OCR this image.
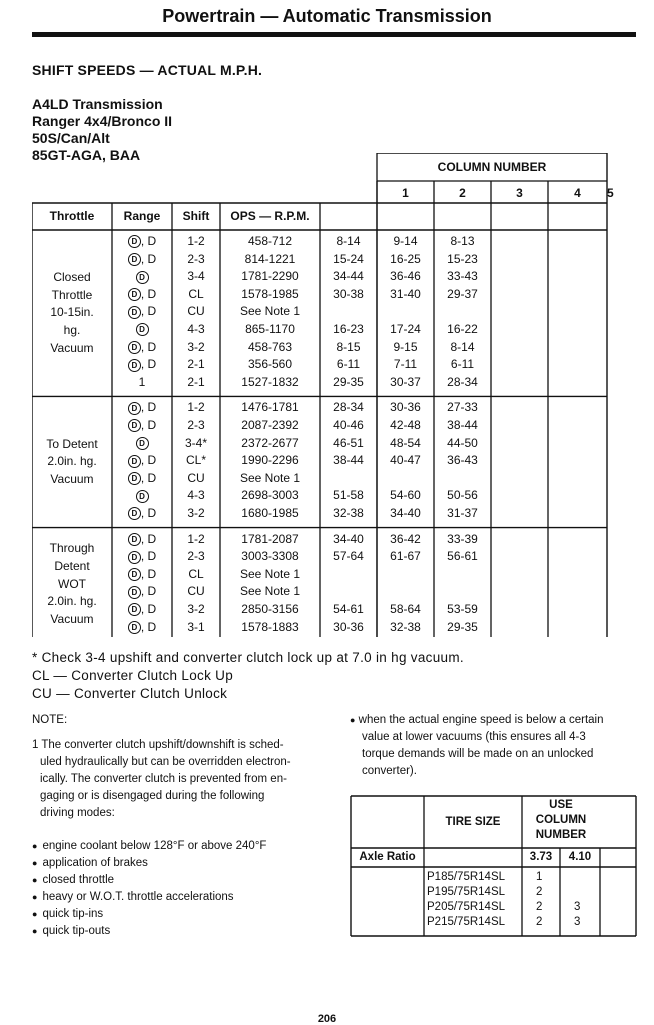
Powertrain — Automatic Transmission
SHIFT SPEEDS — ACTUAL M.P.H.
A4LD Transmission
Ranger 4x4/Bronco II
50S/Can/Alt
85GT-AGA, BAA
COLUMN NUMBER
1	2	3	4	5
Throttle	Range	Shift	OPS — R.P.M.
Closed
Throttle
10-15in.
hg.
Vacuum
D , D	1-2	458-712	8-14	9-14	8-13
D , D	2-3	814-1221	15-24	16-25	15-23
D	3-4	1781-2290	34-44	36-46	33-43
D , D	CL	1578-1985	30-38	31-40	29-37
D , D	CU	See Note 1
D	4-3	865-1170	16-23	17-24	16-22
D , D	3-2	458-763	8-15	9-15	8-14
D , D	2-1	356-560	6-11	7-11	6-11
1	2-1	1527-1832	29-35	30-37	28-34
To Detent
2.0in. hg.
Vacuum
D , D	1-2	1476-1781	28-34	30-36	27-33
D , D	2-3	2087-2392	40-46	42-48	38-44
D	3-4*	2372-2677	46-51	48-54	44-50
D , D	CL*	1990-2296	38-44	40-47	36-43
D , D	CU	See Note 1
D	4-3	2698-3003	51-58	54-60	50-56
D , D	3-2	1680-1985	32-38	34-40	31-37
Through
Detent
WOT
2.0in. hg.
Vacuum
D , D	1-2	1781-2087	34-40	36-42	33-39
D , D	2-3	3003-3308	57-64	61-67	56-61
D , D	CL	See Note 1
D , D	CU	See Note 1
D , D	3-2	2850-3156	54-61	58-64	53-59
D , D	3-1	1578-1883	30-36	32-38	29-35
* Check 3-4 upshift and converter clutch lock up at 7.0 in hg vacuum.
CL — Converter Clutch Lock Up
CU — Converter Clutch Unlock
NOTE:
1 The converter clutch upshift/downshift is sched-
uled hydraulically but can be overridden electron-
ically. The converter clutch is prevented from en-
gaging or is disengaged during the following
driving modes:
●  engine coolant below 128°F or above 240°F
●  application of brakes
●  closed throttle
●  heavy or W.O.T. throttle accelerations
●  quick tip-ins
●  quick tip-outs
● when the actual engine speed is below a certain
value at lower vacuums (this ensures all 4-3
torque demands will be made on an unlocked
converter).
TIRE SIZE
USE
COLUMN
NUMBER
Axle Ratio	3.73	4.10
P185/75R14SL	1
P195/75R14SL	2
P205/75R14SL	2	3
P215/75R14SL	2	3
206
